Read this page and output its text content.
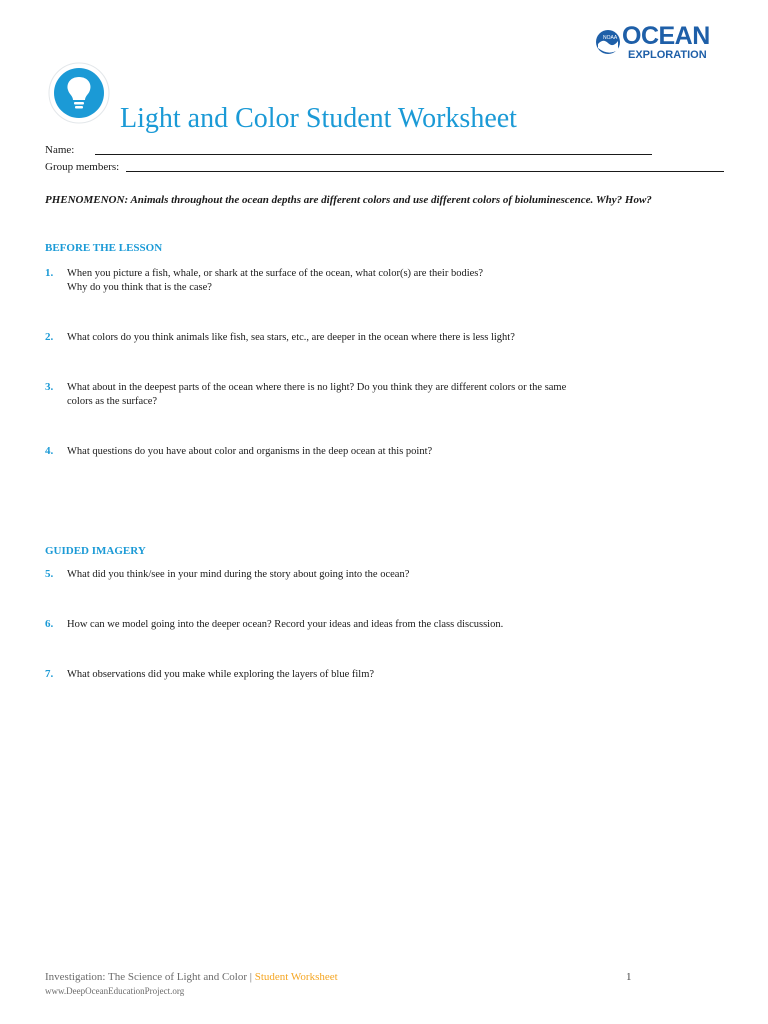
NOAA OCEAN
EXPLORATION
Light and Color Student Worksheet
Name:
Group members:
PHENOMENON: Animals throughout the ocean depths are different colors and use different colors of bioluminescence. Why? How?
BEFORE THE LESSON
1. When you picture a fish, whale, or shark at the surface of the ocean, what color(s) are their bodies?
Why do you think that is the case?
2. What colors do you think animals like fish, sea stars, etc., are deeper in the ocean where there is less light?
3. What about in the deepest parts of the ocean where there is no light? Do you think they are different colors or the same
colors as the surface?
4. What questions do you have about color and organisms in the deep ocean at this point?
GUIDED IMAGERY
5. What did you think/see in your mind during the story about going into the ocean?
6. How can we model going into the deeper ocean? Record your ideas and ideas from the class discussion.
7. What observations did you make while exploring the layers of blue film?
Investigation: The Science of Light and Color | Student Worksheet
www.DeepOceanEducationProject.org
1
